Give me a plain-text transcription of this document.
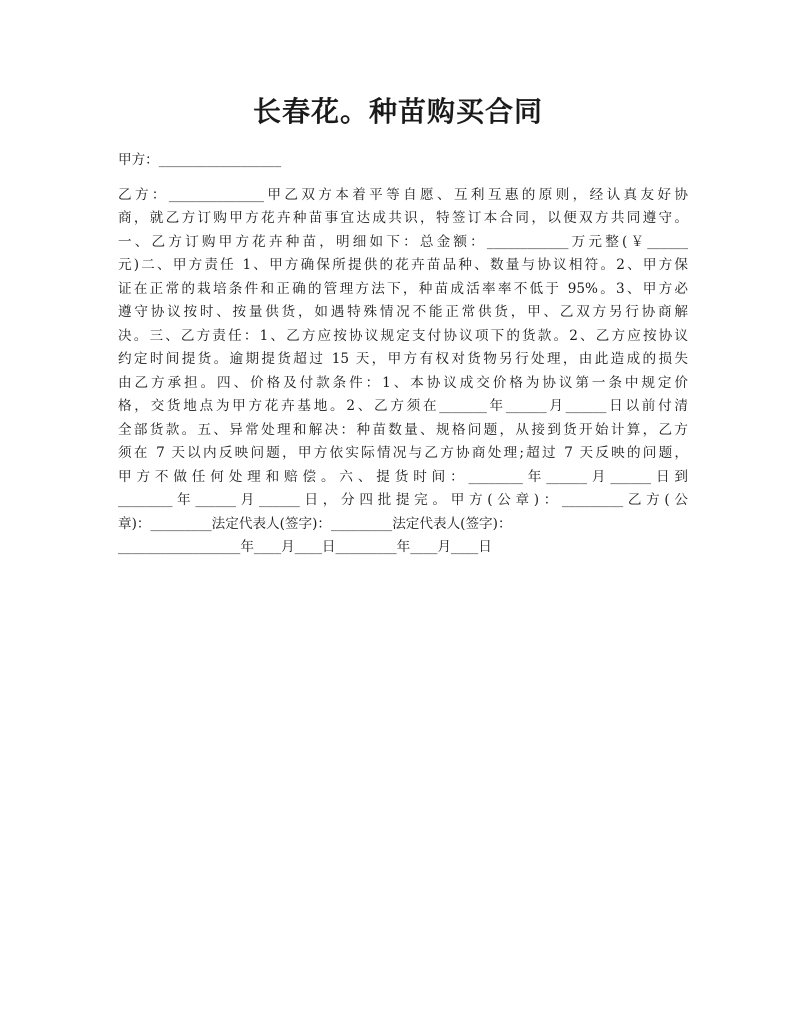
长春花。种苗购买合同

甲方：__________________

乙方：______________甲乙双方本着平等自愿、互利互惠的原则，经认真友好协

商，就乙方订购甲方花卉种苗事宜达成共识，特签订本合同，以便双方共同遵守。

一、乙方订购甲方花卉种苗，明细如下：总金额：____________万元整(￥______

元)二、甲方责任 1、甲方确保所提供的花卉苗品种、数量与协议相符。2、甲方保

证在正常的栽培条件和正确的管理方法下，种苗成活率率不低于 95%。3、甲方必

遵守协议按时、按量供货，如遇特殊情况不能正常供货，甲、乙双方另行协商解

决。三、乙方责任：1、乙方应按协议规定支付协议项下的货款。2、乙方应按协议

约定时间提货。逾期提货超过 15 天，甲方有权对货物另行处理，由此造成的损失

由乙方承担。四、价格及付款条件：1、本协议成交价格为协议第一条中规定价

格，交货地点为甲方花卉基地。2、乙方须在_______年______月______日以前付清

全部货款。五、异常处理和解决：种苗数量、规格问题，从接到货开始计算，乙方

须在 7 天以内反映问题，甲方依实际情况与乙方协商处理;超过 7 天反映的问题，

甲方不做任何处理和赔偿。六、提货时间：________年______月______日到

________年______月______日，分四批提完。甲方(公章)：_________乙方(公

章)：_________法定代表人(签字)：_________法定代表人(签字)：

__________________年____月____日_________年____月____日
